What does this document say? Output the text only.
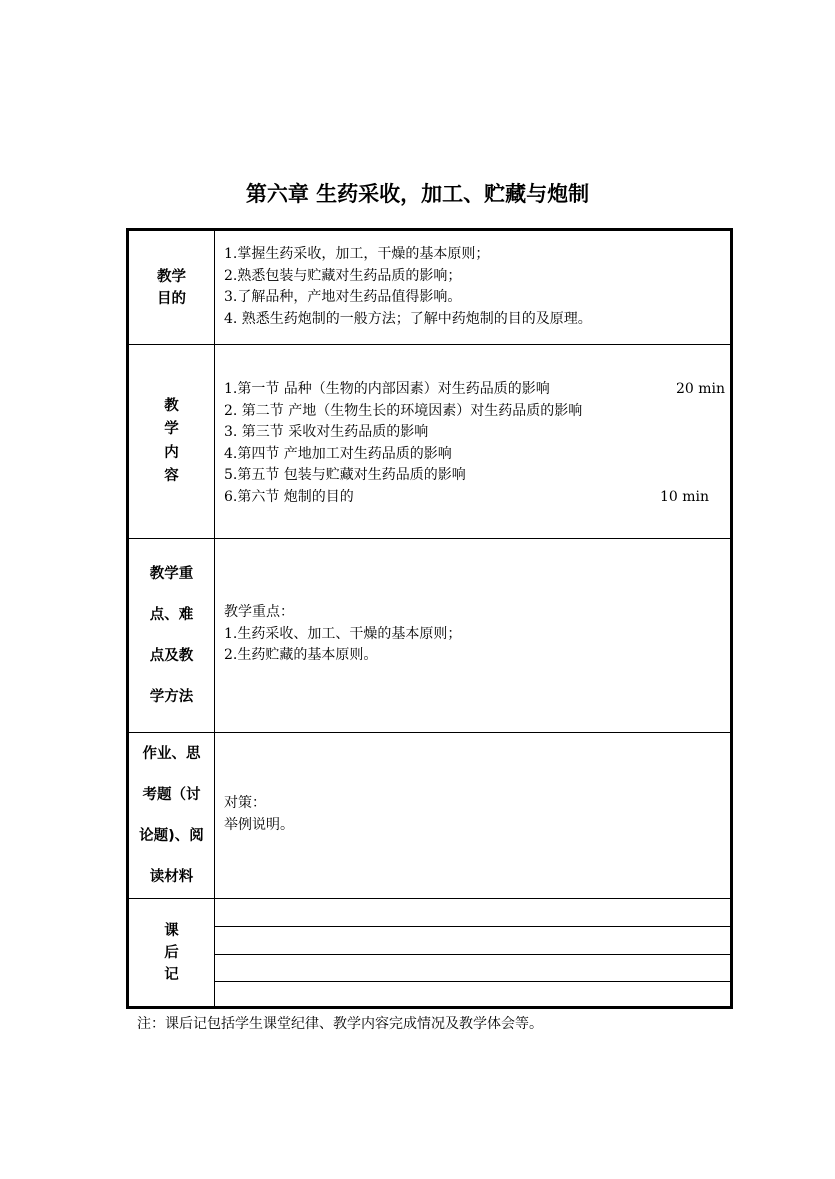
第六章 生药采收，加工、贮藏与炮制
教学
目的
1.掌握生药采收，加工，干燥的基本原则；
2.熟悉包装与贮藏对生药品质的影响；
3.了解品种，产地对生药品值得影响。
4. 熟悉生药炮制的一般方法；了解中药炮制的目的及原理。
教
学
内
容
1.第一节 品种（生物的内部因素）对生药品质的影响	20 min
2. 第二节 产地（生物生长的环境因素）对生药品质的影响
3. 第三节 采收对生药品质的影响
4.第四节 产地加工对生药品质的影响
5.第五节 包装与贮藏对生药品质的影响
6.第六节 炮制的目的	10 min
教学重
点、难
点及教
学方法
教学重点：
1.生药采收、加工、干燥的基本原则；
2.生药贮藏的基本原则。
作业、思
考题（讨
论题)、阅
读材料
对策：
举例说明。
课
后
记
注：课后记包括学生课堂纪律、教学内容完成情况及教学体会等。
